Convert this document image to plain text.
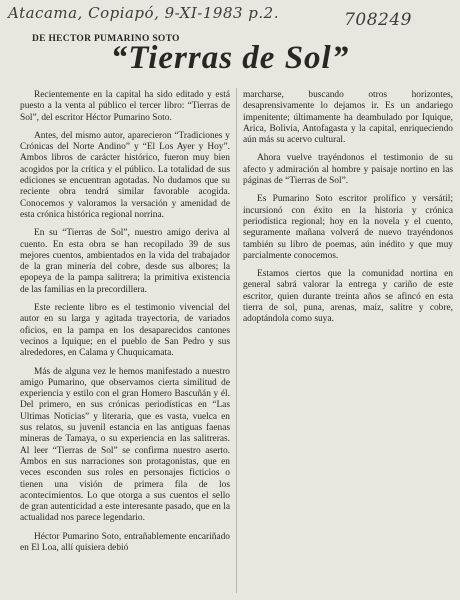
Atacama, Copiapó, 9-XI-1983 p.2.	708249
DE HECTOR PUMARINO SOTO
“Tierras de Sol”

Recientemente en la capital ha sido editado y está puesto a la venta al público el tercer libro: “Tierras de Sol”, del escritor Héctor Pumarino Soto.

Antes, del mismo autor, aparecieron “Tradiciones y Crónicas del Norte Andino” y “El Los Ayer y Hoy”. Ambos libros de carácter histórico, fueron muy bien acogidos por la crítica y el público. La totalidad de sus ediciones se encuentran agotadas. No dudamos que su reciente obra tendrá similar favorable acogida. Conocemos y valoramos la versación y amenidad de esta crónica histórica regional norrina.

En su “Tierras de Sol”, nuestro amigo deriva al cuento. En esta obra se han recopilado 39 de sus mejores cuentos, ambientados en la vida del trabajador de la gran minería del cobre, desde sus albores; la epopeya de la pampa salitrera; la primitiva existencia de las familias en la precordillera.

Este reciente libro es el testimonio vivencial del autor en su larga y agitada trayectoria, de variados oficios, en la pampa en los desaparecidos cantones vecinos a Iquique; en el pueblo de San Pedro y sus alrededores, en Calama y Chuquicamata.

Más de alguna vez le hemos manifestado a nuestro amigo Pumarino, que observamos cierta similitud de experiencia y estilo con el gran Homero Bascuñán y él. Del primero, en sus crónicas periodísticas en “Las Ultimas Noticias” y literaria, que es vasta, vuelca en sus relatos, su juvenil estancia en las antiguas faenas mineras de Tamaya, o su experiencia en las salitreras. Al leer “Tierras de Sol” se confirma nuestro aserto. Ambos en sus narraciones son protagonistas, que en veces esconden sus roles en personajes ficticios o tienen una visión de primera fila de los acontecimientos. Lo que otorga a sus cuentos el sello de gran autenticidad a este interesante pasado, que en la actualidad nos parece legendario.

Héctor Pumarino Soto, entrañablemente encariñado en El Loa, allí quisiera debió

marcharse, buscando otros horizontes, desaprensivamente lo dejamos ir. Es un andariego impenitente; últimamente ha deambulado por Iquique, Arica, Bolivia, Antofagasta y la capital, enriqueciendo aún más su acervo cultural.

Ahora vuelve trayéndonos el testimonio de su afecto y admiración al hombre y paisaje nortino en las páginas de “Tierras de Sol”.

Es Pumarino Soto escritor prolífico y versátil; incursionó con éxito en la historia y crónica periodística regional; hoy en la novela y el cuento, seguramente mañana volverá de nuevo trayéndonos también su libro de poemas, aún inédito y que muy parcialmente conocemos.

Estamos ciertos que la comunidad nortina en general sabrá valorar la entrega y cariño de este escritor, quien durante treinta años se afincó en esta tierra de sol, puna, arenas, maíz, salitre y cobre, adoptándola como suya.
